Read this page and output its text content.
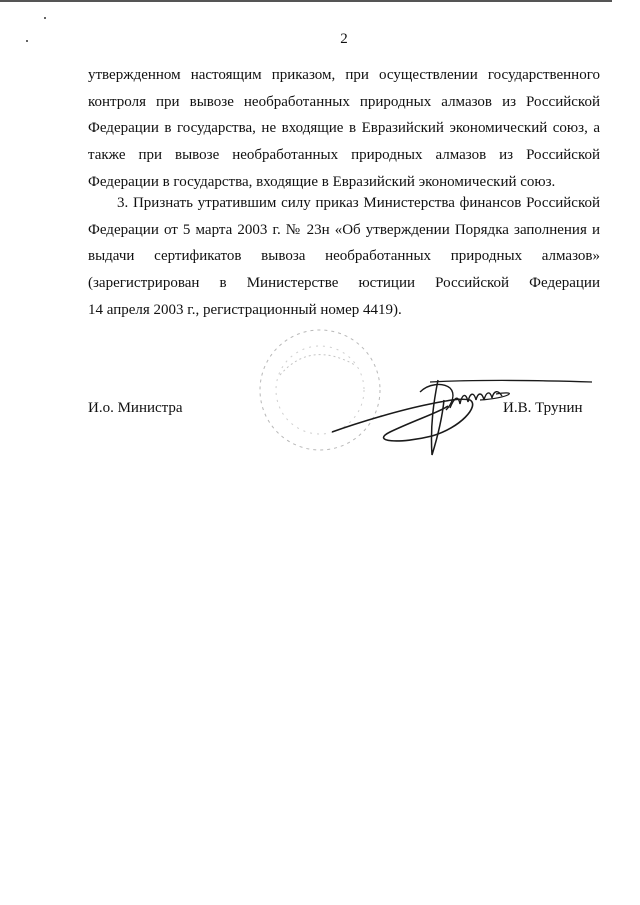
2

утвержденном настоящим приказом, при осуществлении государственного

контроля при вывозе необработанных природных алмазов из Российской

Федерации в государства, не входящие в Евразийский экономический союз, а

также при вывозе необработанных природных алмазов из Российской

Федерации в государства, входящие в Евразийский экономический союз.

3. Признать утратившим силу приказ Министерства финансов Российской

Федерации от 5 марта 2003 г. № 23н «Об утверждении Порядка заполнения и

выдачи сертификатов вывоза необработанных природных алмазов»

(зарегистрирован в Министерстве юстиции Российской Федерации

14 апреля 2003 г., регистрационный номер 4419).

И.о. Министра	И.В. Трунин
